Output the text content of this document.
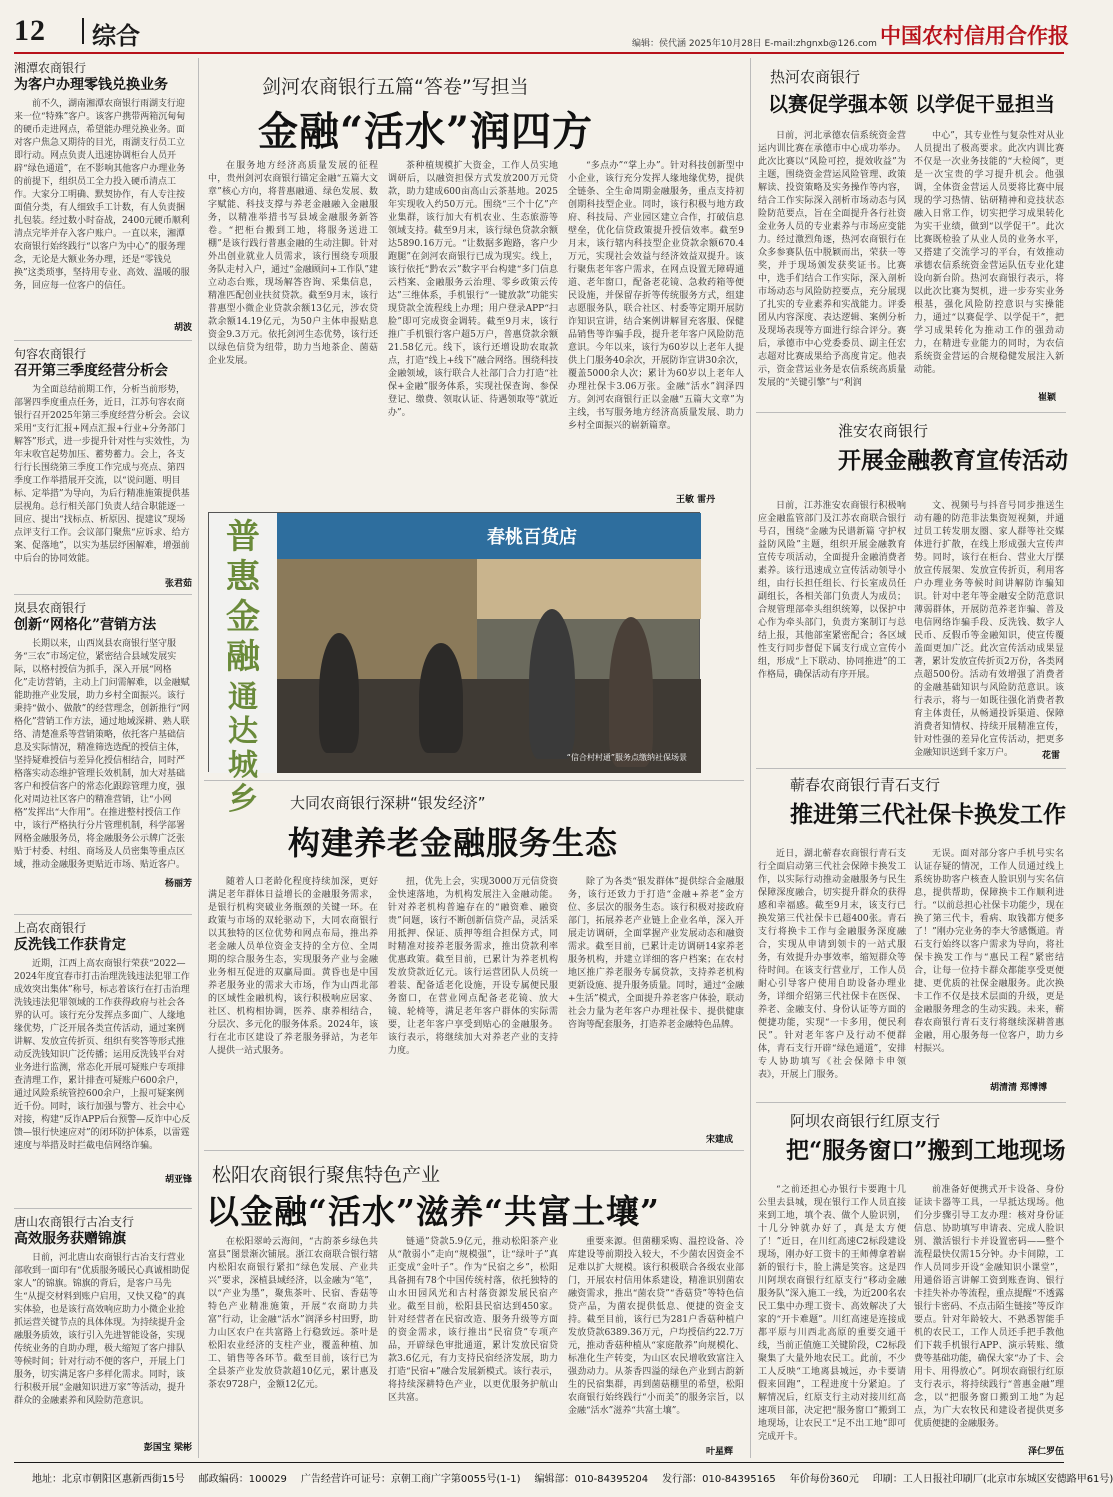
12 综合	编辑：侯代涵 2025年10月28日 E-mail:zhgnxb@126.com 中国农村信用合作报
湘潭农商银行
为客户办理零钱兑换业务
前不久，湖南湘潭农商银行雨湖支行迎来一位“特殊”客户。该客户携带两箱沉甸甸的硬币走进网点，希望能办理兑换业务。面对客户焦急又期待的目光，雨湖支行员工立即行动。网点负责人迅速协调柜台人员开辟“绿色通道”，在不影响其他客户办理业务的前提下，组织员工全力投入硬币清点工作。大家分工明确、默契协作，有人专注按面值分类，有人细致手工计数，有人负责捆扎包装。经过数小时奋战，2400元硬币顺利清点完毕并存入客户账户。一直以来，湘潭农商银行始终践行“以客户为中心”的服务理念，无论是大额业务办理，还是“零钱兑换”这类琐事，坚持用专业、高效、温暖的服务，回应每一位客户的信任。
胡波
句容农商银行
召开第三季度经营分析会
为全面总结前期工作，分析当前形势，部署四季度重点任务，近日，江苏句容农商银行召开2025年第三季度经营分析会。会议采用“支行汇报+网点汇报+行业+分务部门解答”形式，进一步提升针对性与实效性，为年末收官起势加压、蓄势蓄力。会上，各支行行长围绕第三季度工作完成与亮点、第四季度工作举措展开交流，以“说问题、明目标、定举措”为导向，为后行精准施策提供基层视角。总行相关部门负责人结合职能逐一回应、提出“找标点、析原因、提建议”现场点评支行工作。会议部门聚焦“应诉求、给方案、促落地”，以实为基层纾困解难，增强前中后台的协同效能。
张君茹
岚县农商银行
创新“网格化”营销方法
长期以来，山西岚县农商银行坚守服务“三农”市场定位，紧密结合县域发展实际，以格村授信为抓手，深入开展“网格化”走访营销，主动上门问需解难，以金融赋能助推产业发展，助力乡村全面振兴。该行秉持“做小、做散”的经营理念，创新推行“网格化”营销工作方法，通过地域深耕、熟人联络、清楚准系等营销策略，依托客户基础信息及实际情况，精准筛选选配的授信主体，坚持疑难授信与差异化授信相结合，同时严格落实动态维护管理长效机制，加大对基础客户和授信客户的常态化跟踪管理力度，强化对周边社区客户的精准营销，让“小网格”发挥出“大作用”。在推进整村授信工作中，该行严格执行分片管理机制，科学部署网格金融服务员，将金融服务公示牌广泛张贴于村委、村组、商场及人员密集等重点区域，推动金融服务更贴近市场、贴近客户。
杨丽芳
上高农商银行
反洗钱工作获肯定
近期，江西上高农商银行荣获“2022—2024年度宜春市打击治理洗钱违法犯罪工作成效突出集体”称号，标志着该行在打击治理洗钱违法犯罪领域的工作获得政府与社会各界的认可。该行充分发挥点多面广、人缘地缘优势，广泛开展各类宣传活动，通过案例讲解、发放宣传折页、组织有奖答等形式推动反洗钱知识广泛传播；运用反洗钱平台对业务进行监测，常态化开展可疑账户专项排查清理工作，累计排查可疑账户600余户，通过风险系统管控600余户，上报可疑案例近千份。同时，该行加强与警方、社会中心对接，构建“反诈APP后台预警—反诈中心反馈—银行快速应对”的闭环防护体系，以雷霆速度与举措及时拦截电信网络诈骗。
胡亚锋
唐山农商银行古冶支行
高效服务获赠锦旗
日前，河北唐山农商银行古冶支行营业部收到一面印有“优质服务暖民心真诚相助促家人”的锦旗。锦旗的背后，是客户马先生“从提交材料到账户启用，又快又稳”的真实体验，也是该行高效响应助力小微企业抢抓运营关键节点的具体体现。为持续提升金融服务质效，该行引入先进智能设备，实现传统业务的自助办理，极大缩短了客户排队等候时间；针对行动不便的客户，开展上门服务，切实满足客户多样化需求。同时，该行积极开展“金融知识进万家”等活动，提升群众的金融素养和风险防范意识。
彭国宝 梁彬
剑河农商银行五篇“答卷”写担当
金融“活水”润四方

在服务地方经济高质量发展的征程中，贵州剑河农商银行锚定金融“五篇大文章”核心方向，将普惠融通、绿色发展、数字赋能、科技支撑与养老金融融入金融服务，以精准举措书写县域金融服务新答卷。“把柜台搬到工地，将服务送进工棚”是该行践行普惠金融的生动注脚。针对外出创业就业人员需求，该行围绕专项服务队走村入户，通过“金融顾问+工作队”建立动态台账，现场解答咨询、采集信息，精准匹配创业扶贫贷款。截至9月末，该行普惠型小微企业贷款余额13亿元，涉农贷款余额14.19亿元，为50户主体申报贴息资金9.3万元。依托剑河生态优势，该行还以绿色信贷为纽带，助力当地茶企、菌菇企业发展。

茶种植规模扩大资金，工作人员实地调研后，以融资担保方式发放200万元贷款，助力建成600亩高山云茶基地。2025年实现收入约50万元。围绕“三个十亿”产业集群，该行加大有机农业、生态旅游等领域支持。截至9月末，该行绿色贷款余额达5890.16万元。“让数据多跑路，客户少跑腿”在剑河农商银行已成为现实。线上，该行依托“黔农云”数字平台构建“多门信息云档案、金融服务云治理、零乡政策云传达”三维体系，手机银行“一键放款”功能实现贷款全流程线上办理；用户登录APP“扫脸”即可完成资金调转。截至9月末，该行推广手机银行客户超5万户，普惠贷款余额21.58亿元。线下，该行还增设助农取款点，打造“线上+线下”融合网络。围绕科技金融领域，该行联合人社部门合力打造“社保+金融”服务体系，实现社保查询、参保登记、缴费、领取认证、待遇领取等“就近办”。

“多点办”“掌上办”。针对科技创新型中小企业，该行充分发挥人缘地缘优势，提供全链条、全生命周期金融服务，重点支持初创期科技型企业。同时，该行积极与地方政府、科技局、产业园区建立合作，打破信息壁垒，优化信贷政策提升授信效率。截至9月末，该行辖内科技型企业贷款余额670.4万元，实现社会效益与经济效益双提升。该行聚焦老年客户需求，在网点设置无障碍通道、老年窗口，配备老花镜、急救药箱等便民设施，并保留存折等传统服务方式，组建志愿服务队，联合社区、村委等定期开展防诈知识宣讲，结合案例讲解冒充客服、保健品销售等诈骗手段，提升老年客户风险防范意识。今年以来，该行为60岁以上老年人提供上门服务40余次，开展防诈宣讲30余次，覆盖5000余人次；累计为60岁以上老年人办理社保卡3.06万张。金融“活水”润泽四方。剑河农商银行正以金融“五篇大文章”为主线，书写服务地方经济高质量发展、助力乡村全面振兴的崭新篇章。

王敏 雷丹
普惠金融
通达城乡
春桃百货店
“信合村村通”服务点缴纳社保场景
大同农商银行深耕“银发经济”
构建养老金融服务生态

随着人口老龄化程度持续加深，更好满足老年群体日益增长的金融服务需求，是银行机构突破业务瓶颈的关键一环。在政策与市场的双轮驱动下，大同农商银行以其独特的区位优势和网点布局，推出养老金融人员单位资金支持的全方位、全周期的综合服务生态，实现服务产业与金融业务相互促进的双赢局面。黄昏也是中国养老服务业的需求大市场，作为山西北部的区域性金融机构，该行积极响应居家、社区、机构相协调，医养、康养相结合，分层次、多元化的服务体系。2024年，该行在北市区建设了养老服务驿站，为老年人提供一站式服务。

扭，优先上会，实现3000万元信贷资金快速落地，为机构发展注入金融动能。针对养老机构普遍存在的“融资难、融资贵”问题，该行不断创新信贷产品，灵活采用抵押、保证、质押等组合担保方式，同时精准对接养老服务需求，推出贷款利率优惠政策。截至目前，已累计为养老机构发放贷款近亿元。该行运营团队人员统一着装、配备适老化设施，开设专属便民服务窗口，在营业网点配备老花镜、放大镜、轮椅等，满足老年客户群体的实际需要，让老年客户享受到贴心的金融服务。该行表示，将继续加大对养老产业的支持力度。

除了为各类“银发群体”提供综合金融服务，该行还致力于打造“金融+养老”金方位、多层次的服务生态。该行积极对接政府部门，拓展养老产业链上企业名单，深入开展走访调研，全面掌握产业发展动态和融资需求。截至目前，已累计走访调研14家养老服务机构，并建立详细的客户档案；在农村地区推广养老服务专属贷款，支持养老机构更新设施、提升服务质量。同时，通过“金融+生活”模式，全面提升养老客户体验，联动社会力量为老年客户办理社保卡、提供健康咨询等配套服务，打造养老金融特色品牌。

宋建成
松阳农商银行聚焦特色产业
以金融“活水”滋养“共富土壤”

在松阳翠岭云海间，“古韵茶乡绿色共富县”图景渐次铺展。浙江农商联合银行辖内松阳农商银行紧扣“绿色发展、产业共兴”要求，深植县域经济，以金融为“笔”，以“产业为墨”，聚焦茶叶、民宿、香菇等特色产业精准施策，开展“农商助力共富”行动，让金融“活水”润泽乡村田野，助力山区农户在共富路上行稳致远。茶叶是松阳农业经济的支柱产业，覆盖种植、加工、销售等各环节。截至目前，该行已为全县茶产业发放贷款超10亿元，累计惠及茶农9728户，金额12亿元。

链通”贷款5.9亿元，推动松阳茶产业从“散弱小”走向“规模强”，让“绿叶子”真正变成“金叶子”。作为“民宿之乡”，松阳具备拥有78个中国传统村落，依托独特的山水田园风光和古村落资源发展民宿产业。截至目前，松阳县民宿达到450家。针对经营者在民宿改造、服务升级等方面的资金需求，该行推出“民宿贷”专项产品，开辟绿色审批通道，累计发放民宿贷款3.6亿元，有力支持民宿经济发展，助力打造“民宿+”融合发展新模式。该行表示，将持续深耕特色产业，以更优服务护航山区共富。

重要来源。但菌棚采购、温控设备、冷库建设等前期投入较大，不少菌农因资金不足难以扩大规模。该行积极联合各级农业部门，开展农村信用体系建设，精准识别菌农融资需求，推出“菌农贷”“香菇贷”等特色信贷产品，为菌农提供低息、便捷的资金支持。截至目前，该行已为281户香菇种植户发放贷款6389.36万元，户均授信约22.7万元，推动香菇种植从“家庭散养”向规模化、标准化生产转变，为山区农民增收致富注入强劲动力。从茶香四溢的绿色产业到古韵新生的民宿集群，再到菌菇棚里的希望，松阳农商银行始终践行“小而美”的服务宗旨，以金融“活水”滋养“共富土壤”。

叶星辉
热河农商银行
以赛促学强本领 以学促干显担当

日前，河北承德农信系统资金营运内训比赛在承德市中心成功举办。此次比赛以“风险可控，提效收益”为主题，围绕资金营运风险管理、政策解读、投资策略及实务操作等内容，结合工作实际深入剖析市场动态与风险防范要点，旨在全面提升各行社资金业务人员的专业素养与市场应变能力。经过激烈角逐，热河农商银行在众多参赛队伍中脱颖而出，荣获一等奖，并于现场颁发获奖证书。比赛中，选手们结合工作实际，深入剖析市场动态与风险防控要点，充分展现了扎实的专业素养和实战能力。评委团从内容深度、表达逻辑、案例分析及现场表现等方面进行综合评分。赛后，承德市中心党委委员、副主任宏志超对比赛成果给予高度肯定。他表示，资金营运业务是农信系统高质量发展的“关键引擎”与“利润

中心”，其专业性与复杂性对从业人员提出了极高要求。此次内训比赛不仅是一次业务技能的“大检阅”，更是一次宝贵的学习提升机会。他强调，全体资金营运人员要将比赛中展现的学习热情、钻研精神和竞技状态融入日常工作，切实把学习成果转化为实干业绩，做到“以学促干”。此次比赛既检验了从业人员的业务水平，又搭建了交流学习的平台，有效推动承德农信系统资金营运队伍专业化建设向新台阶。热河农商银行表示，将以此次比赛为契机，进一步夯实业务根基，强化风险防控意识与实操能力，通过“以赛促学、以学促干”，把学习成果转化为推动工作的强劲动力，在精进专业能力的同时，为农信系统资金营运的合规稳健发展注入新动能。

崔颖
淮安农商银行
开展金融教育宣传活动

日前，江苏淮安农商银行积极响应金融监管部门及江苏农商联合银行号召，围绕“金融为民谱新篇 守护权益防风险”主题，组织开展金融教育宣传专项活动，全面提升金融消费者素养。该行迅速成立宣传活动领导小组，由行长担任组长、行长室成员任副组长，各相关部门负责人为成员；合规管理部牵头组织统筹，以保护中心作为牵头部门，负责方案制订与总结上报，其他部室紧密配合；各区域性支行同步督促下属支行成立宣传小组，形成“上下联动、协同推进”的工作格局，确保活动有序开展。

文、视频号与抖音号同步推送生动有趣的防范非法集资短视频，并通过员工转发朋友圈、家人群等社交媒体进行扩散，在线上形成强大宣传声势。同时，该行在柜台、营业大厅摆放宣传展架、发放宣传折页，利用客户办理业务等候时间讲解防诈骗知识。针对中老年等金融安全防范意识薄弱群体，开展防范养老诈骗、普及电信网络诈骗手段、反洗钱、数字人民币、反假币等金融知识，使宣传覆盖面更加广泛。此次宣传活动成果显著，累计发放宣传折页2万份，各类网点超500份。活动有效增强了消费者的金融基础知识与风险防范意识。该行表示，将与一如既往强化消费者教育主体责任，从畅通投诉渠道、保障消费者知情权、持续开展精准宣传，针对性强的差异化宣传活动，把更多金融知识送到千家万户。	花雷
蕲春农商银行青石支行
推进第三代社保卡换发工作

近日，湖北蕲春农商银行青石支行全面启动第三代社会保障卡换发工作，以实际行动推动金融服务与民生保障深度融合，切实提升群众的获得感和幸福感。截至9月末，该支行已换发第三代社保卡已超400张。青石支行将换卡工作与金融服务深度融合，实现从申请到领卡的一站式服务，有效提升办事效率，缩短群众等待时间。在该支行营业厅，工作人员耐心引导客户使用自助设备办理业务，详细介绍第三代社保卡在医保、养老、金融支付、身份认证等方面的便捷功能，实现“一卡多用，便民利民”。针对老年客户及行动不便群体，青石支行开辟“绿色通道”，安排专人协助填写《社会保障卡申领表》，开展上门服务。

无误。面对部分客户手机号实名认证存疑的情况，工作人员通过线上系统协助客户核查人脸识别与实名信息，提供帮助，保障换卡工作顺利进行。“以前总担心社保卡功能少，现在换了第三代卡，看病、取钱都方便多了！”刚办完业务的李大爷感慨道。青石支行始终以客户需求为导向，将社保卡换发工作与“惠民工程”紧密结合，让每一位持卡群众都能享受更便捷、更优质的社保金融服务。此次换卡工作不仅是技术层面的升级，更是金融服务理念的生动实践。未来，蕲春农商银行青石支行将继续深耕普惠金融，用心服务每一位客户，助力乡村振兴。

胡清清 郑博博
阿坝农商银行红原支行
把“服务窗口”搬到工地现场

“之前还担心办银行卡要跑十几公里去县城，现在银行工作人员直接来到工地，填个表、做个人脸识别，十几分钟就办好了，真是太方便了！”近日，在川红高速C2标段建设现场，刚办好工资卡的王师傅拿着崭新的银行卡，脸上满是笑容。这是四川阿坝农商银行红原支行“移动金融服务队”深入施工一线，为近200名农民工集中办理工资卡、高效解决了大家的“开卡难题”。川红高速是连接成都平原与川西北高原的重要交通干线，当前正值施工关键阶段，C2标段聚集了大量外地农民工。此前，不少工人反映“工地离县城远，办卡要请假来回跑”，工程进度十分紧迫。了解情况后，红原支行主动对接川红高速项目部，决定把“服务窗口”搬到工地现场，让农民工“足不出工地”即可完成开卡。

前准备好便携式开卡设备、身份证读卡器等工具，一早抵达现场。他们分步骤引导工友办理：核对身份证信息、协助填写申请表、完成人脸识别、激活银行卡并设置密码——整个流程最快仅需15分钟。办卡间隙，工作人员同步开设“金融知识小课堂”，用通俗语言讲解工资到账查询、银行卡挂失补办等流程，重点提醒“不透露银行卡密码、不点击陌生链接”等反诈要点。针对年龄较大、不熟悉智能手机的农民工，工作人员还手把手教他们下载手机银行APP、演示转账、缴费等基础功能，确保大家“办了卡、会用卡、用得放心”。阿坝农商银行红原支行表示，将持续践行“普惠金融”理念，以“把服务窗口搬到工地”为起点，为广大农牧民和建设者提供更多优质便捷的金融服务。

泽仁罗伍
地址：北京市朝阳区惠新西街15号 邮政编码：100029 广告经营许可证号：京朝工商广字第0055号(1-1) 编辑部：010-84395204 发行部：010-84395165 年价每份360元 印刷：工人日报社印刷厂(北京市东城区安德路甲61号)
